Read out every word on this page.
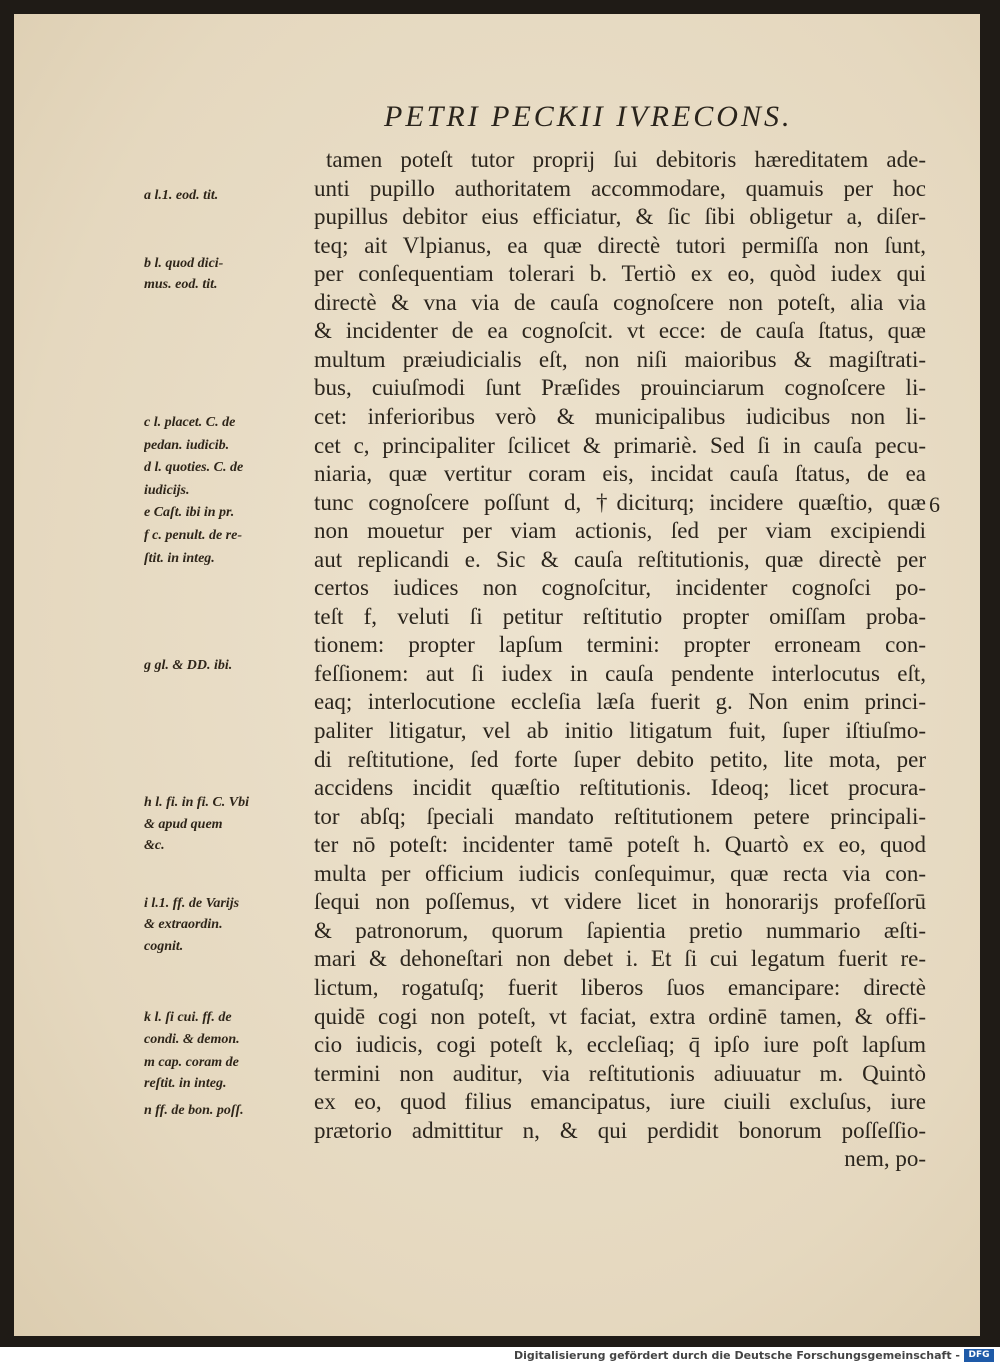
PETRI PECKII IVRECONS.
tamen poteſt tutor proprij ſui debitoris hæreditatem ade-
unti pupillo authoritatem accommodare, quamuis per hoc
pupillus debitor eius efficiatur, & ſic ſibi obligetur a, diſer-
teq; ait Vlpianus, ea quæ directè tutori permiſſa non ſunt,
per conſequentiam tolerari b. Tertiò ex eo, quòd iudex qui
directè & vna via de cauſa cognoſcere non poteſt, alia via
& incidenter de ea cognoſcit. vt ecce: de cauſa ſtatus, quæ
multum præiudicialis eſt, non niſi maioribus & magiſtrati-
bus, cuiuſmodi ſunt Præſides prouinciarum cognoſcere li-
cet: inferioribus verò & municipalibus iudicibus non li-
cet c, principaliter ſcilicet & primariè. Sed ſi in cauſa pecu-
niaria, quæ vertitur coram eis, incidat cauſa ſtatus, de ea
tunc cognoſcere poſſunt d, †diciturq; incidere quæſtio, quæ
non mouetur per viam actionis, ſed per viam excipiendi
aut replicandi e. Sic & cauſa reſtitutionis, quæ directè per
certos iudices non cognoſcitur, incidenter cognoſci po-
teſt f, veluti ſi petitur reſtitutio propter omiſſam proba-
tionem: propter lapſum termini: propter erroneam con-
feſſionem: aut ſi iudex in cauſa pendente interlocutus eſt,
eaq; interlocutione eccleſia læſa fuerit g. Non enim princi-
paliter litigatur, vel ab initio litigatum fuit, ſuper iſtiuſmo-
di reſtitutione, ſed forte ſuper debito petito, lite mota, per
accidens incidit quæſtio reſtitutionis. Ideoq; licet procura-
tor abſq; ſpeciali mandato reſtitutionem petere principali-
ter nō poteſt: incidenter tamē poteſt h. Quartò ex eo, quod
multa per officium iudicis conſequimur, quæ recta via con-
ſequi non poſſemus, vt videre licet in honorarijs profeſſorū
& patronorum, quorum ſapientia pretio nummario æſti-
mari & dehoneſtari non debet i. Et ſi cui legatum fuerit re-
lictum, rogatuſq; fuerit liberos ſuos emancipare: directè
quidē cogi non poteſt, vt faciat, extra ordinē tamen, & offi-
cio iudicis, cogi poteſt k, eccleſiaq; q̄ ipſo iure poſt lapſum
termini non auditur, via reſtitutionis adiuuatur m. Quintò
ex eo, quod filius emancipatus, iure ciuili excluſus, iure
prætorio admittitur n, & qui perdidit bonorum poſſeſſio-
nem, po-
a l.1. eod. tit.
b l. quod dici-
mus. eod. tit.
c l. placet. C. de
pedan. iudicib.
d l. quoties. C. de
iudicijs.
e Caſt. ibi in pr.
f c. penult. de re-
ſtit. in integ.
g gl. & DD. ibi.
h l. fi. in fi. C. Vbi
& apud quem
&c.
i l.1. ff. de Varijs
& extraordin.
cognit.
k l. ſi cui. ff. de
condi. & demon.
m cap. coram de
reſtit. in integ.
n ff. de bon. poſſ.
6
Digitalisierung gefördert durch die Deutsche Forschungsgemeinschaft - DFG
